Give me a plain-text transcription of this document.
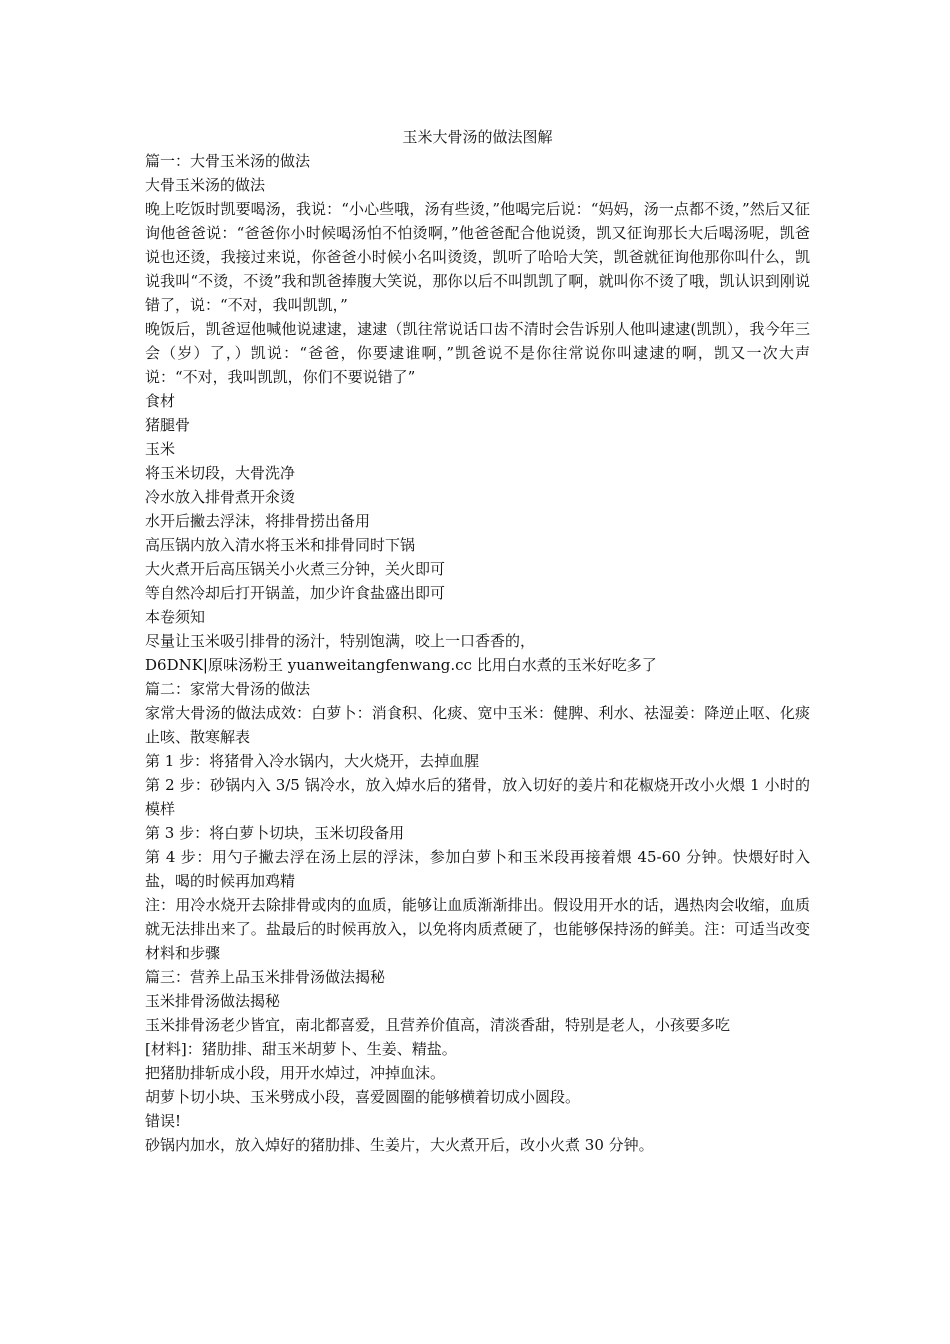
玉米大骨汤的做法图解

篇一：大骨玉米汤的做法

大骨玉米汤的做法

晚上吃饭时凯要喝汤，我说：“小心些哦，汤有些烫，”他喝完后说：“妈妈，汤一点都不烫，”然后又征询他爸爸说：“爸爸你小时候喝汤怕不怕烫啊，”他爸爸配合他说烫，凯又征询那长大后喝汤呢，凯爸说也还烫，我接过来说，你爸爸小时候小名叫烫烫，凯听了哈哈大笑，凯爸就征询他那你叫什么，凯说我叫“不烫，不烫”我和凯爸捧腹大笑说，那你以后不叫凯凯了啊，就叫你不烫了哦，凯认识到刚说错了，说：“不对，我叫凯凯，”

晚饭后，凯爸逗他喊他说逮逮，逮逮（凯往常说话口齿不清时会告诉别人他叫逮逮(凯凯），我今年三会（岁）了，）凯说：“爸爸，你要逮谁啊，”凯爸说不是你往常说你叫逮逮的啊，凯又一次大声说：“不对，我叫凯凯，你们不要说错了”

食材

猪腿骨

玉米

将玉米切段，大骨洗净

冷水放入排骨煮开氽烫

水开后撇去浮沫，将排骨捞出备用

高压锅内放入清水将玉米和排骨同时下锅

大火煮开后高压锅关小火煮三分钟，关火即可

等自然冷却后打开锅盖，加少许食盐盛出即可

本卷须知

尽量让玉米吸引排骨的汤汁，特别饱满，咬上一口香香的，

D6DNK|原味汤粉王 yuanweitangfenwang.cc 比用白水煮的玉米好吃多了

篇二：家常大骨汤的做法

家常大骨汤的做法成效：白萝卜：消食积、化痰、宽中玉米：健脾、利水、祛湿姜：降逆止呕、化痰止咳、散寒解表

第 1 步：将猪骨入冷水锅内，大火烧开，去掉血腥

第 2 步：砂锅内入 3/5 锅冷水，放入焯水后的猪骨，放入切好的姜片和花椒烧开改小火煨 1 小时的模样

第 3 步：将白萝卜切块，玉米切段备用

第 4 步：用勺子撇去浮在汤上层的浮沫，参加白萝卜和玉米段再接着煨 45-60 分钟。快煨好时入盐，喝的时候再加鸡精

注：用冷水烧开去除排骨或肉的血质，能够让血质渐渐排出。假设用开水的话，遇热肉会收缩，血质就无法排出来了。盐最后的时候再放入，以免将肉质煮硬了，也能够保持汤的鲜美。注：可适当改变材料和步骤

篇三：营养上品玉米排骨汤做法揭秘

玉米排骨汤做法揭秘

玉米排骨汤老少皆宜，南北都喜爱，且营养价值高，清淡香甜，特别是老人，小孩要多吃

[材料]：猪肋排、甜玉米胡萝卜、生姜、精盐。

把猪肋排斩成小段，用开水焯过，冲掉血沫。

胡萝卜切小块、玉米劈成小段，喜爱圆圈的能够横着切成小圆段。

错误!

砂锅内加水，放入焯好的猪肋排、生姜片，大火煮开后，改小火煮 30 分钟。
